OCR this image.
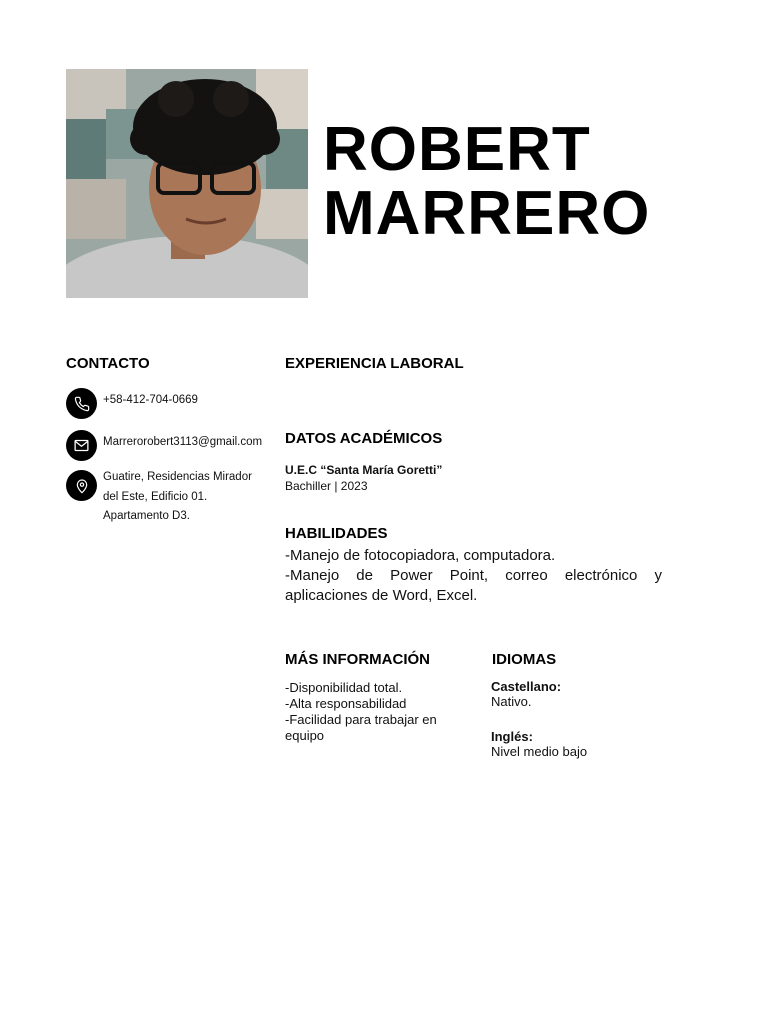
ROBERT
MARRERO
CONTACTO
+58-412-704-0669
Marrerorobert3113@gmail.com
Guatire, Residencias Mirador
del Este, Edificio 01.
Apartamento D3.
EXPERIENCIA LABORAL
DATOS ACADÉMICOS
U.E.C “Santa María Goretti”
Bachiller | 2023
HABILIDADES
-Manejo de fotocopiadora, computadora.
-Manejo de Power Point, correo electrónico y aplicaciones de Word, Excel.
MÁS INFORMACIÓN
-Disponibilidad total.
-Alta responsabilidad
-Facilidad para trabajar en equipo
IDIOMAS
Castellano:
Nativo.
Inglés:
Nivel medio bajo
